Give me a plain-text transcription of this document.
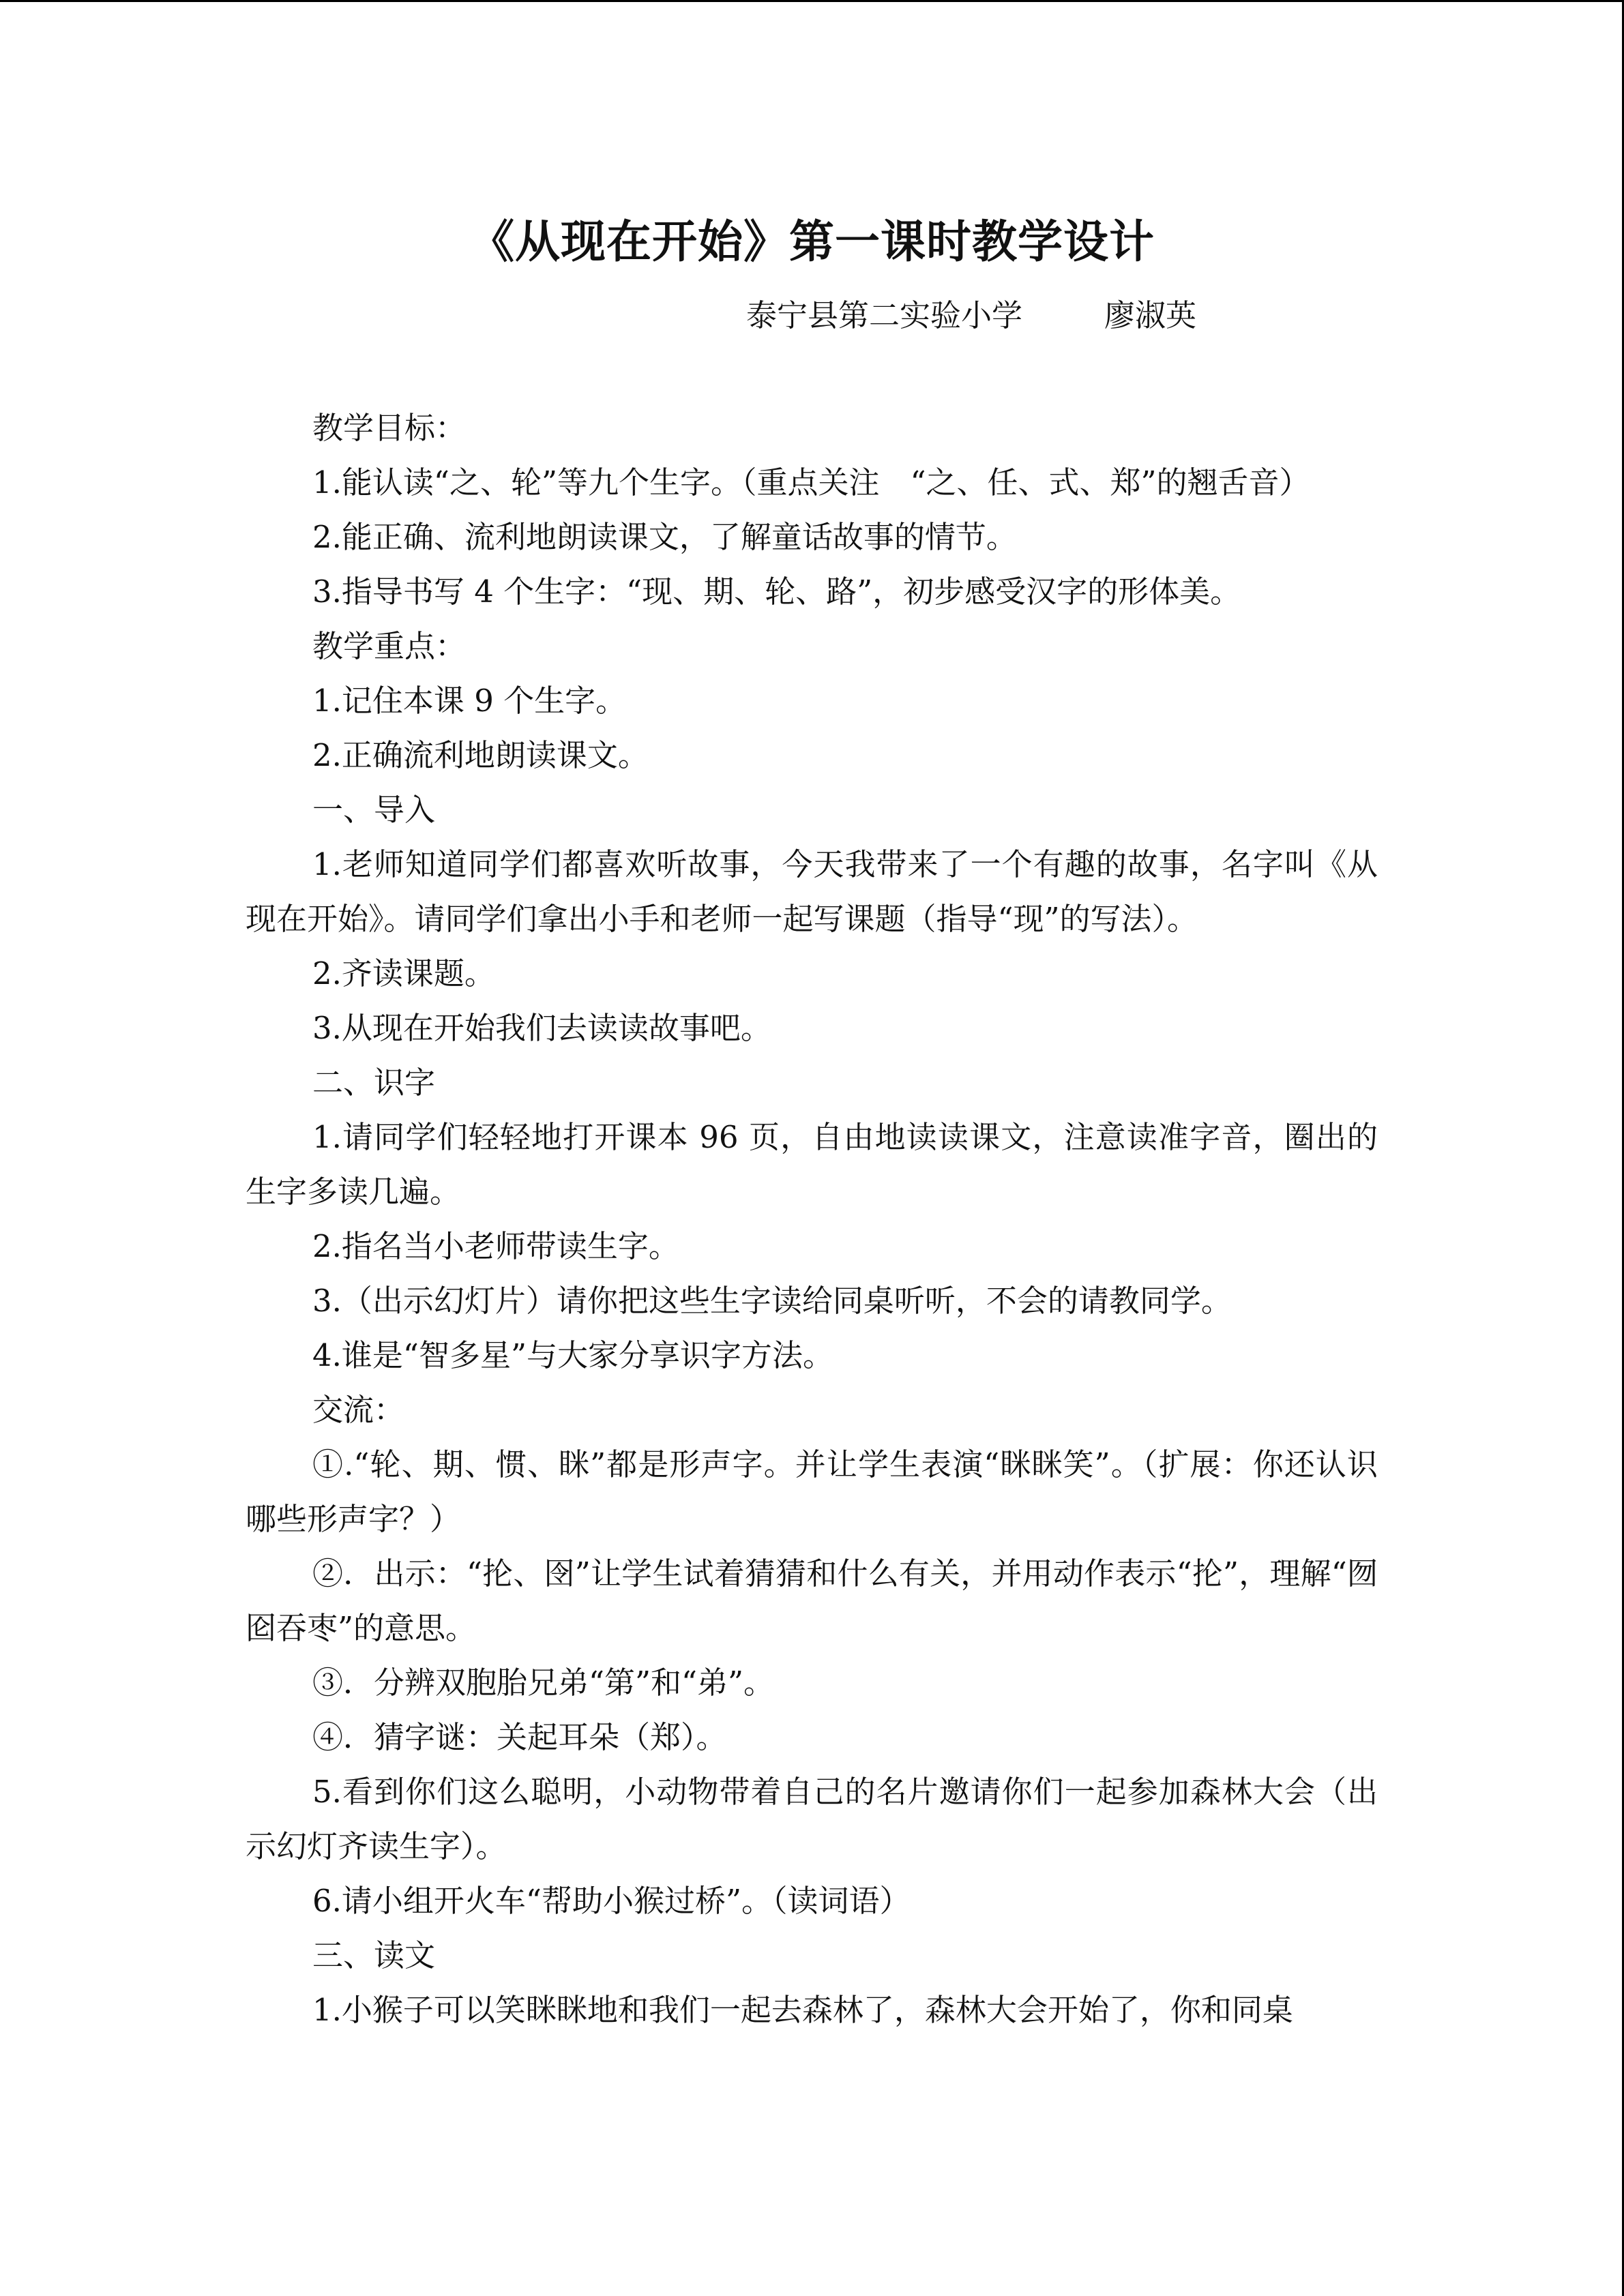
《从现在开始》第一课时教学设计
泰宁县第二实验小学	廖淑英

教学目标：

1.能认读“之、轮”等九个生字。（重点关注　“之、任、式、郑”的翘舌音）

2.能正确、流利地朗读课文，了解童话故事的情节。

3.指导书写 4 个生字：“现、期、轮、路”，初步感受汉字的形体美。

教学重点：

1.记住本课 9 个生字。

2.正确流利地朗读课文。

一、导入

1.老师知道同学们都喜欢听故事，今天我带来了一个有趣的故事，名字叫《从现在开始》。请同学们拿出小手和老师一起写课题（指导“现”的写法）。

2.齐读课题。

3.从现在开始我们去读读故事吧。

二、识字

1.请同学们轻轻地打开课本 96 页，自由地读读课文，注意读准字音，圈出的生字多读几遍。

2.指名当小老师带读生字。

3.（出示幻灯片）请你把这些生字读给同桌听听，不会的请教同学。

4.谁是“智多星”与大家分享识字方法。

交流：

①.“轮、期、惯、眯”都是形声字。并让学生表演“眯眯笑”。（扩展：你还认识哪些形声字？）

②．出示：“抡、囹”让学生试着猜猜和什么有关，并用动作表示“抡”，理解“囫囵吞枣”的意思。

③．分辨双胞胎兄弟“第”和“弟”。

④．猜字谜：关起耳朵（郑）。

5.看到你们这么聪明，小动物带着自己的名片邀请你们一起参加森林大会（出示幻灯齐读生字）。

6.请小组开火车“帮助小猴过桥”。（读词语）

三、读文

1.小猴子可以笑眯眯地和我们一起去森林了，森林大会开始了，你和同桌
